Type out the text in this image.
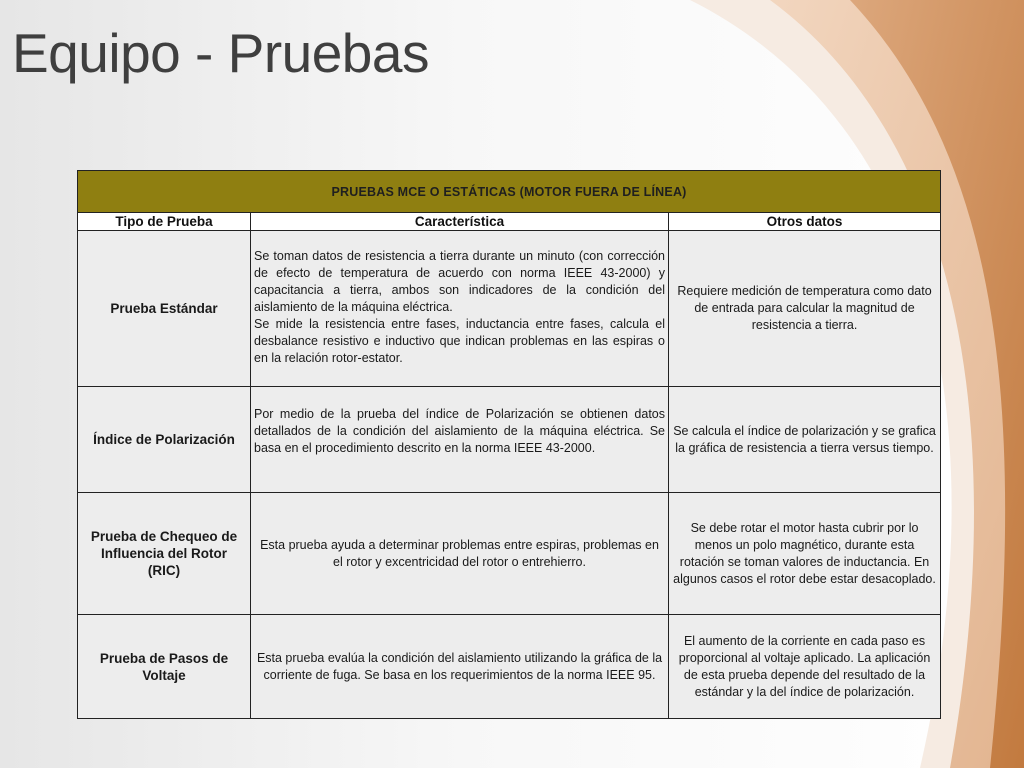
Equipo - Pruebas
PRUEBAS MCE O ESTÁTICAS (MOTOR FUERA DE LÍNEA)		
Tipo de Prueba	Característica	Otros datos
Prueba Estándar	Se toman datos de resistencia a tierra durante un minuto (con corrección de efecto de temperatura de acuerdo con norma IEEE 43-2000) y capacitancia a tierra, ambos son indicadores de la condición del aislamiento de la máquina eléctrica.
Se mide la resistencia entre fases, inductancia entre fases, calcula el desbalance resistivo e inductivo que indican problemas en las espiras o en la relación rotor-estator.	Requiere medición de temperatura como dato de entrada para calcular la magnitud de resistencia a tierra.
Índice de Polarización	Por medio de la prueba del índice de Polarización se obtienen datos detallados de la condición del aislamiento de la máquina eléctrica. Se basa en el procedimiento descrito en la norma IEEE 43-2000.	Se calcula el índice de polarización y se grafica la gráfica de resistencia a tierra versus tiempo.
Prueba de Chequeo de Influencia del Rotor (RIC)	Esta prueba ayuda a determinar problemas entre espiras, problemas en el rotor y excentricidad del rotor o entrehierro.	Se debe rotar el motor hasta cubrir por lo menos un polo magnético, durante esta rotación se toman valores de inductancia. En algunos casos el rotor debe estar desacoplado.
Prueba de Pasos de Voltaje	Esta prueba evalúa la condición del aislamiento utilizando la gráfica de la corriente de fuga. Se basa en los requerimientos de la norma IEEE 95.	El aumento de la corriente en cada paso es proporcional al voltaje aplicado. La aplicación de esta prueba depende del resultado de la estándar y la del índice de polarización.
